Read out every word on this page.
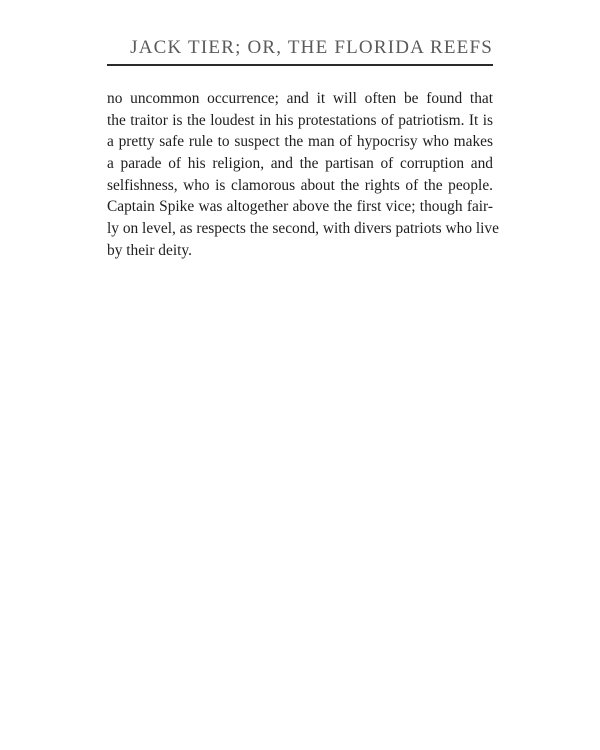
JACK TIER; OR, THE FLORIDA REEFS
no uncommon occurrence; and it will often be found that
the traitor is the loudest in his protestations of patriotism. It is
a pretty safe rule to suspect the man of hypocrisy who makes
a parade of his religion, and the partisan of corruption and
selfishness, who is clamorous about the rights of the people.
Captain Spike was altogether above the first vice; though fair-
ly on level, as respects the second, with divers patriots who live
by their deity.
